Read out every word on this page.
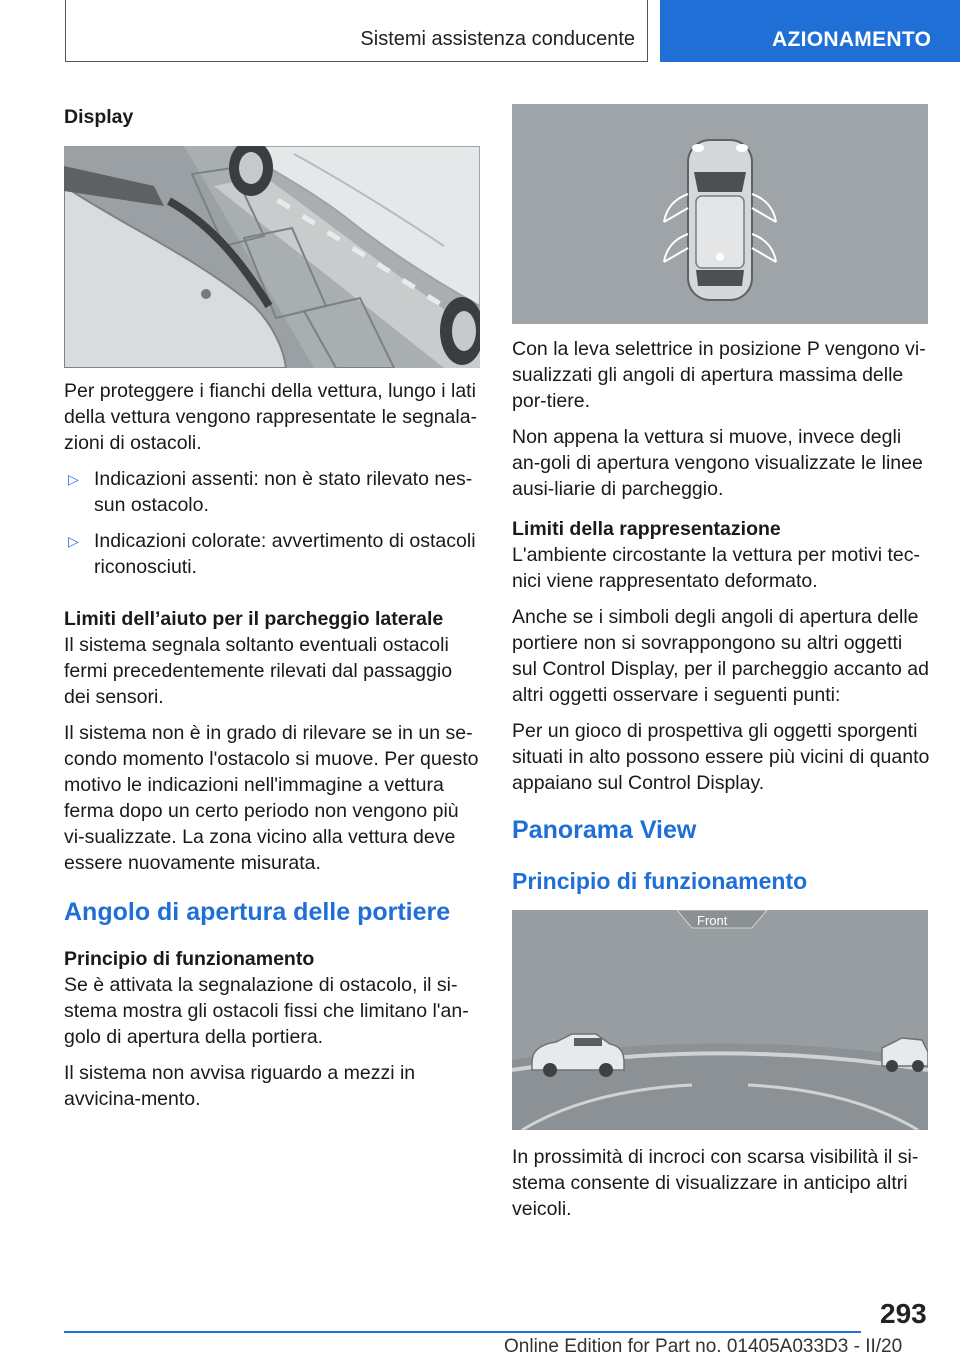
Sistemi assistenza conducente	AZIONAMENTO

Display

Per proteggere i fianchi della vettura, lungo i lati della vettura vengono rappresentate le segnala-zioni di ostacoli.

▷ Indicazioni assenti: non è stato rilevato nes-sun ostacolo.
▷ Indicazioni colorate: avvertimento di ostacoli riconosciuti.

Limiti dell’aiuto per il parcheggio laterale

Il sistema segnala soltanto eventuali ostacoli fermi precedentemente rilevati dal passaggio dei sensori.

Il sistema non è in grado di rilevare se in un se-condo momento l'ostacolo si muove. Per questo motivo le indicazioni nell'immagine a vettura ferma dopo un certo periodo non vengono più vi-sualizzate. La zona vicino alla vettura deve essere nuovamente misurata.

Angolo di apertura delle portiere

Principio di funzionamento

Se è attivata la segnalazione di ostacolo, il si-stema mostra gli ostacoli fissi che limitano l'an-golo di apertura della portiera.

Il sistema non avvisa riguardo a mezzi in avvicina-mento.

Con la leva selettrice in posizione P vengono vi-sualizzati gli angoli di apertura massima delle por-tiere.

Non appena la vettura si muove, invece degli an-goli di apertura vengono visualizzate le linee ausi-liarie di parcheggio.

Limiti della rappresentazione

L'ambiente circostante la vettura per motivi tec-nici viene rappresentato deformato.

Anche se i simboli degli angoli di apertura delle portiere non si sovrappongono su altri oggetti sul Control Display, per il parcheggio accanto ad altri oggetti osservare i seguenti punti:

Per un gioco di prospettiva gli oggetti sporgenti situati in alto possono essere più vicini di quanto appaiano sul Control Display.

Panorama View

Principio di funzionamento

Front

In prossimità di incroci con scarsa visibilità il si-stema consente di visualizzare in anticipo altri veicoli.

293
Online Edition for Part no. 01405A033D3 - II/20
